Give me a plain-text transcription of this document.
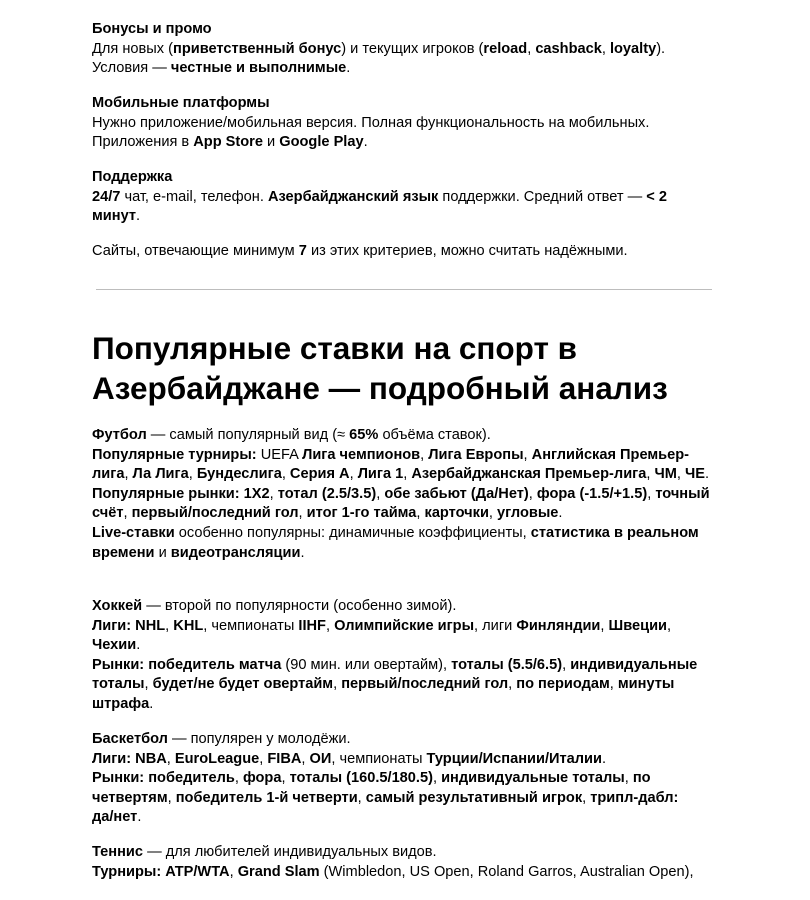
Бонусы и промо

Для новых (приветственный бонус) и текущих игроков (reload, cashback, loyalty).
Условия — честные и выполнимые.

Мобильные платформы

Нужно приложение/мобильная версия. Полная функциональность на мобильных.
Приложения в App Store и Google Play.

Поддержка

24/7 чат, e-mail, телефон. Азербайджанский язык поддержки. Средний ответ — < 2 минут.

Сайты, отвечающие минимум 7 из этих критериев, можно считать надёжными.

Популярные ставки на спорт в
Азербайджане — подробный анализ

Футбол — самый популярный вид (≈ 65% объёма ставок).

Популярные турниры: UEFA Лига чемпионов, Лига Европы, Английская Премьер-лига, Ла Лига, Бундеслига, Серия А, Лига 1, Азербайджанская Премьер-лига, ЧМ, ЧЕ.

Популярные рынки: 1X2, тотал (2.5/3.5), обе забьют (Да/Нет), фора (-1.5/+1.5), точный счёт, первый/последний гол, итог 1-го тайма, карточки, угловые.

Live-ставки особенно популярны: динамичные коэффициенты, статистика в реальном времени и видеотрансляции.

Хоккей — второй по популярности (особенно зимой).

Лиги: NHL, KHL, чемпионаты IIHF, Олимпийские игры, лиги Финляндии, Швеции, Чехии.

Рынки: победитель матча (90 мин. или овертайм), тоталы (5.5/6.5), индивидуальные тоталы, будет/не будет овертайм, первый/последний гол, по периодам, минуты штрафа.

Баскетбол — популярен у молодёжи.

Лиги: NBA, EuroLeague, FIBA, ОИ, чемпионаты Турции/Испании/Италии.

Рынки: победитель, фора, тоталы (160.5/180.5), индивидуальные тоталы, по четвертям, победитель 1-й четверти, самый результативный игрок, трипл-дабл: да/нет.

Теннис — для любителей индивидуальных видов.

Турниры: ATP/WTA, Grand Slam (Wimbledon, US Open, Roland Garros, Australian Open),
